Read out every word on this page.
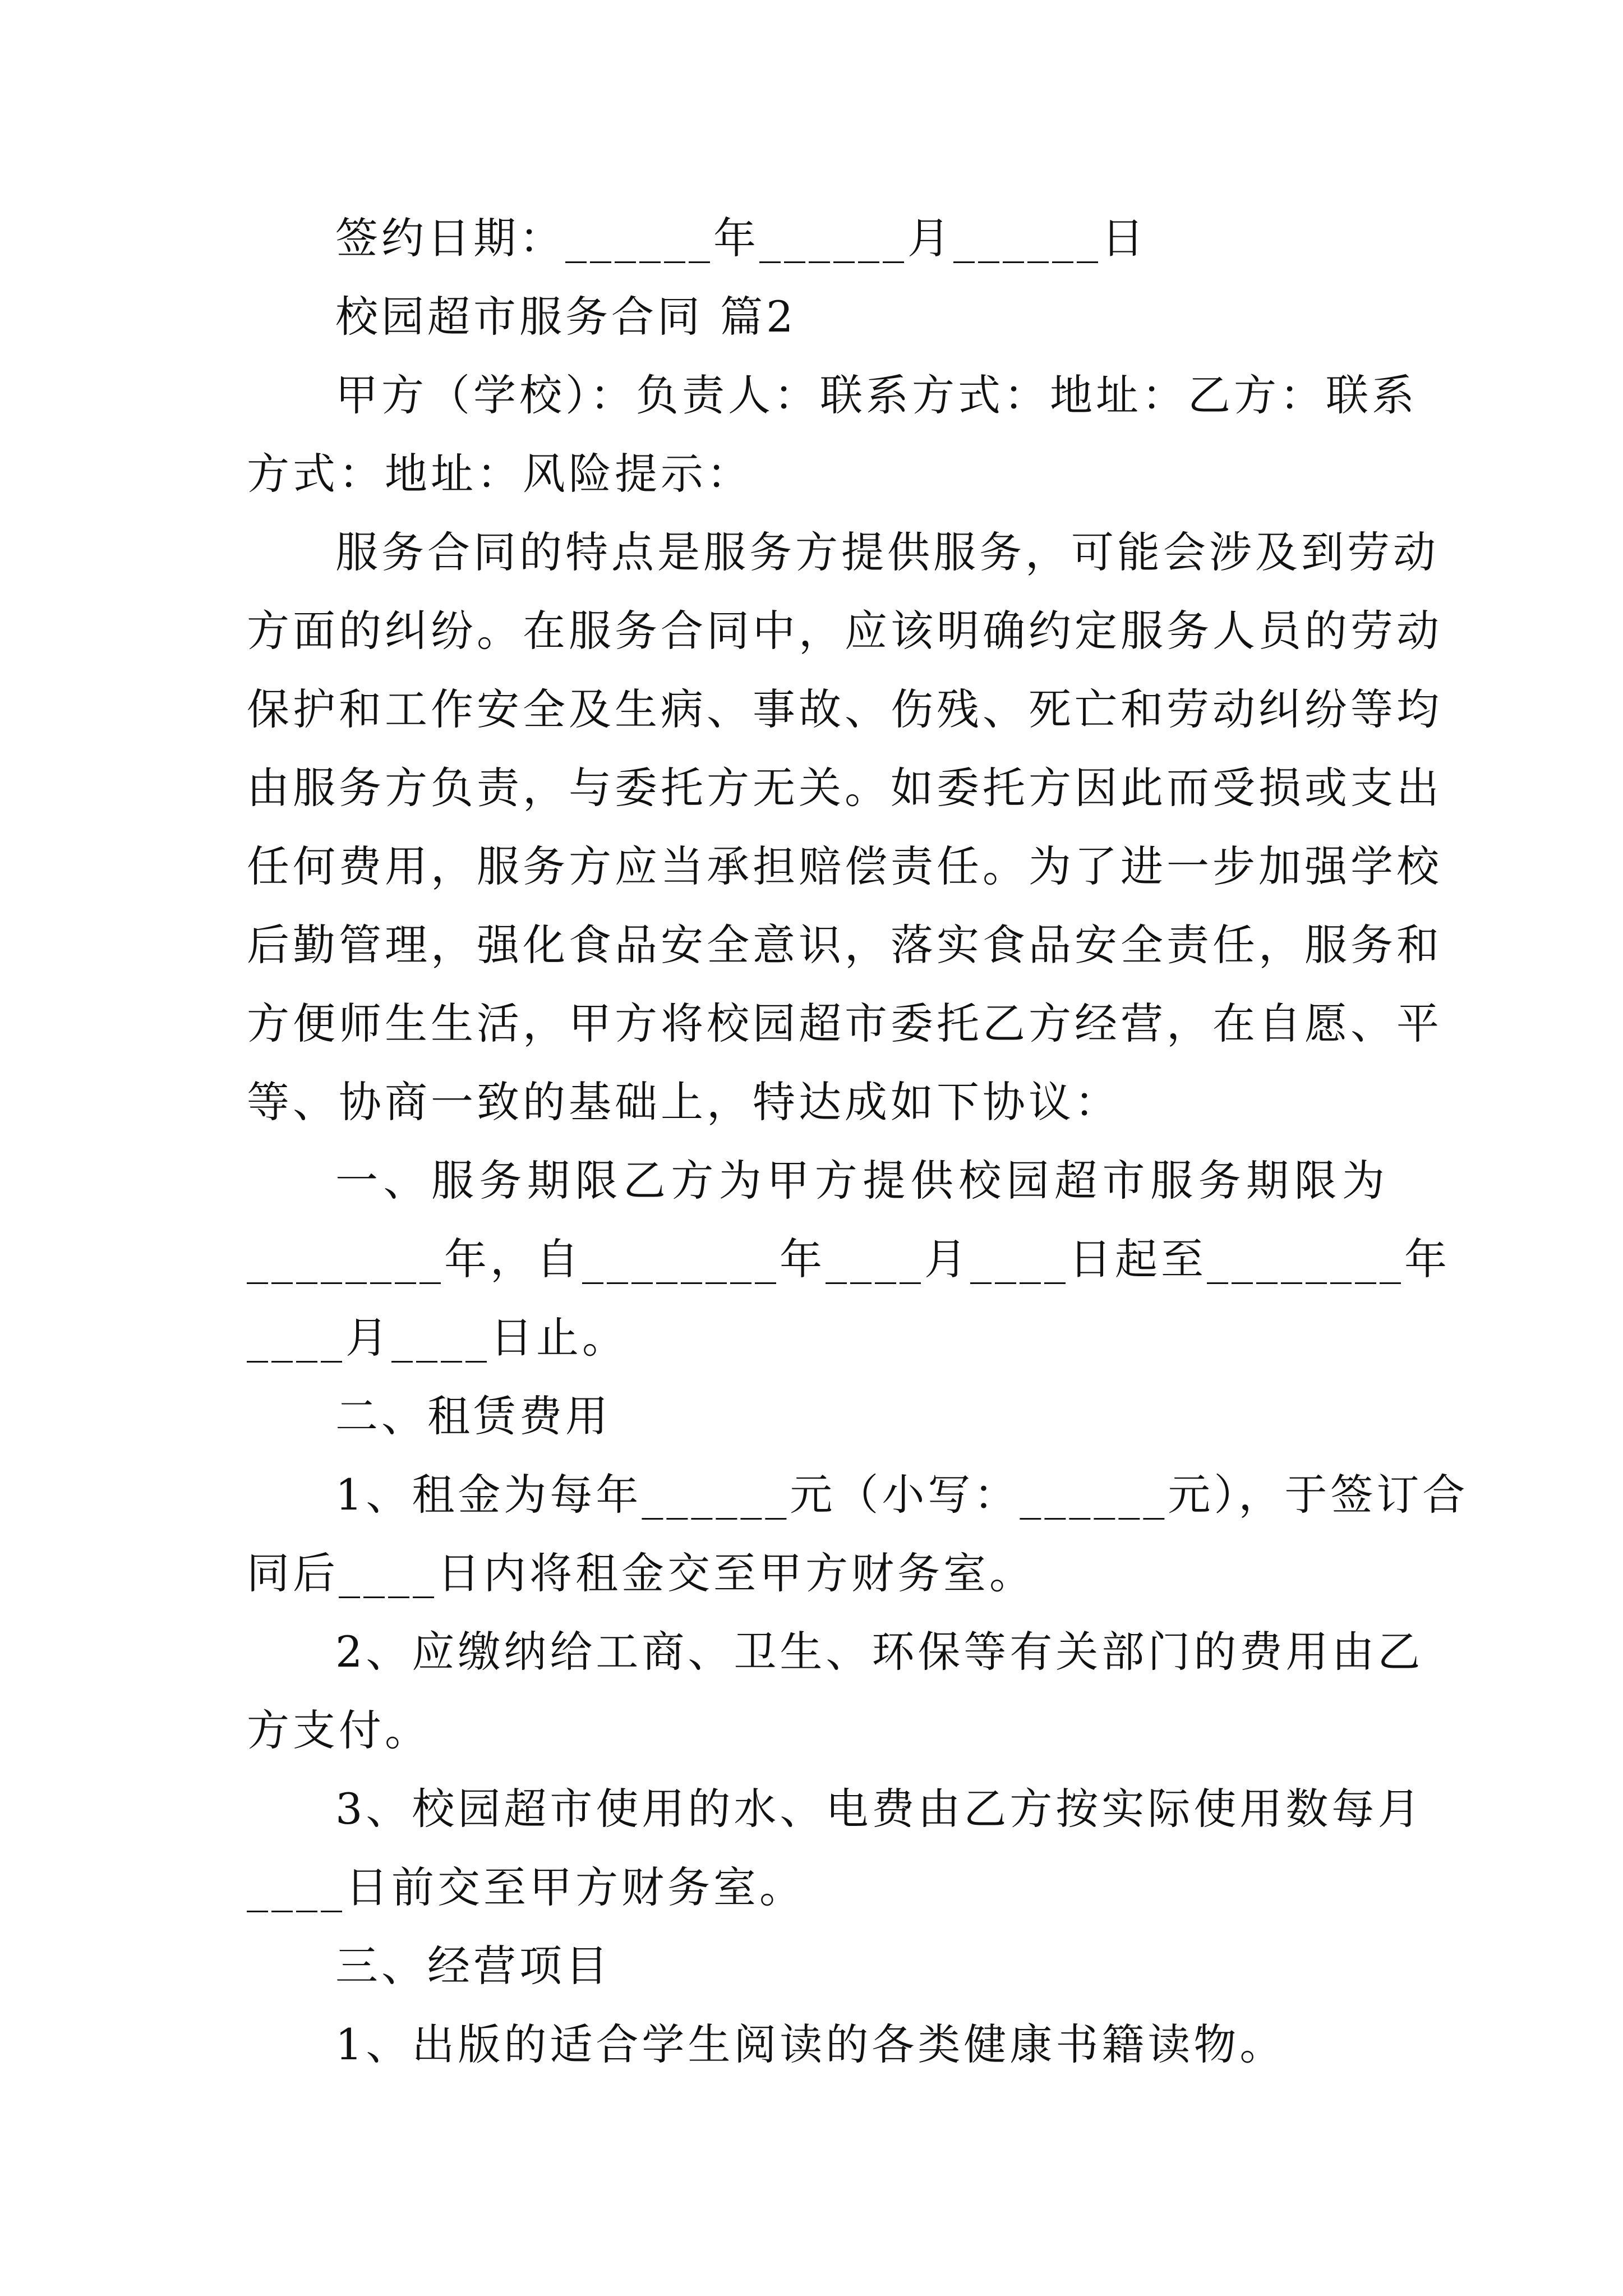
签约日期：______年______月______日
校园超市服务合同 篇2
甲方（学校）：负责人：联系方式：地址：乙方：联系
方式：地址：风险提示：
服务合同的特点是服务方提供服务，可能会涉及到劳动
方面的纠纷。在服务合同中，应该明确约定服务人员的劳动
保护和工作安全及生病、事故、伤残、死亡和劳动纠纷等均
由服务方负责，与委托方无关。如委托方因此而受损或支出
任何费用，服务方应当承担赔偿责任。为了进一步加强学校
后勤管理，强化食品安全意识，落实食品安全责任，服务和
方便师生生活，甲方将校园超市委托乙方经营，在自愿、平
等、协商一致的基础上，特达成如下协议：
一、服务期限乙方为甲方提供校园超市服务期限为
________年，自________年____月____日起至________年
____月____日止。
二、租赁费用
1、租金为每年______元（小写：______元），于签订合
同后____日内将租金交至甲方财务室。
2、应缴纳给工商、卫生、环保等有关部门的费用由乙
方支付。
3、校园超市使用的水、电费由乙方按实际使用数每月
____日前交至甲方财务室。
三、经营项目
1、出版的适合学生阅读的各类健康书籍读物。
